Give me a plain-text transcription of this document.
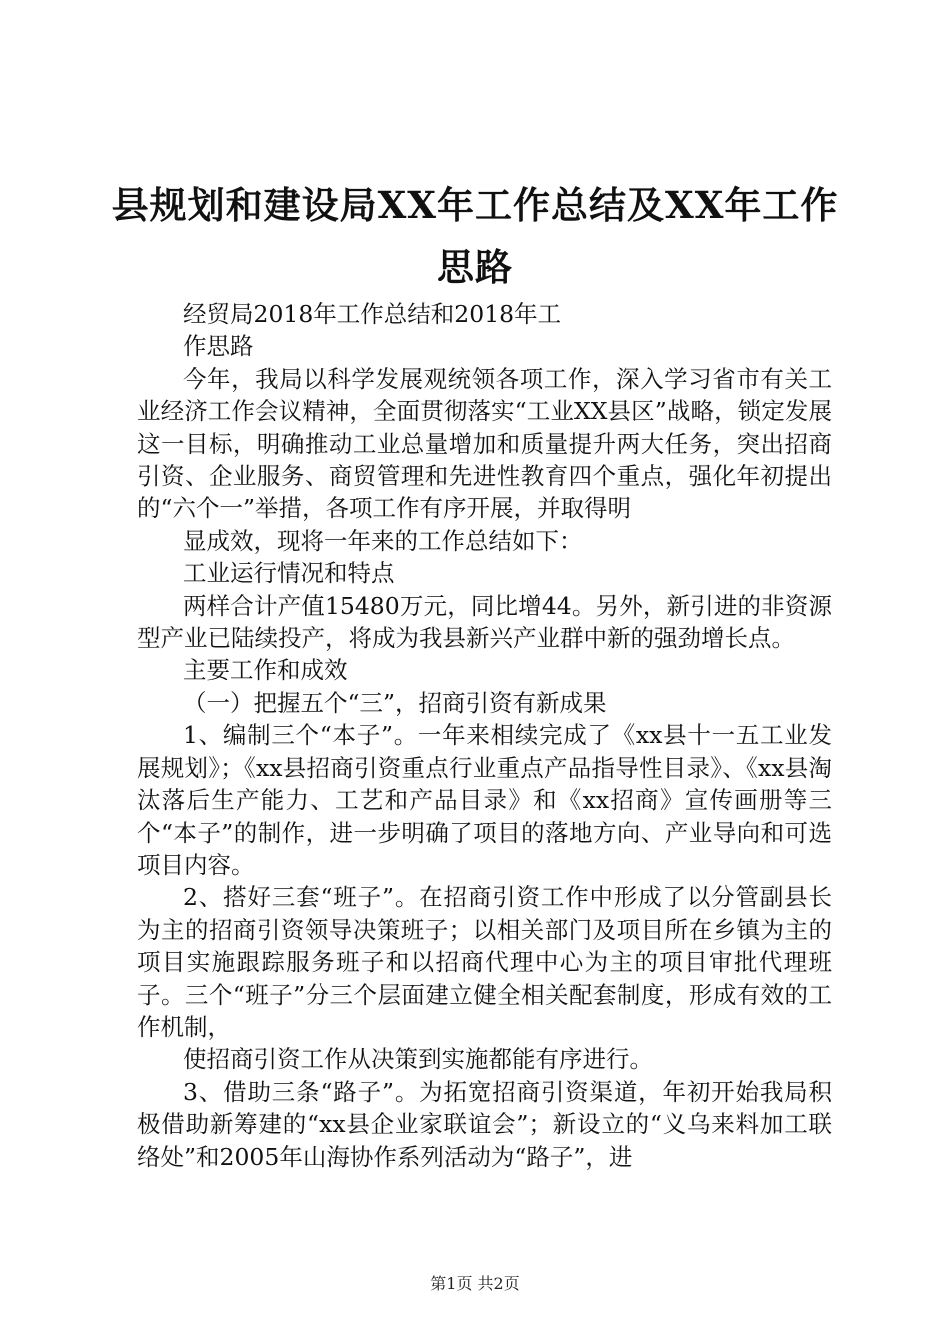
县规划和建设局XX年工作总结及XX年工作思路

经贸局2018年工作总结和2018年工

作思路

今年，我局以科学发展观统领各项工作，深入学习省市有关工业经济工作会议精神，全面贯彻落实“工业XX县区”战略，锁定发展这一目标，明确推动工业总量增加和质量提升两大任务，突出招商引资、企业服务、商贸管理和先进性教育四个重点，强化年初提出的“六个一”举措，各项工作有序开展，并取得明

显成效，现将一年来的工作总结如下：

工业运行情况和特点

两样合计产值15480万元，同比增44。另外，新引进的非资源型产业已陆续投产，将成为我县新兴产业群中新的强劲增长点。

主要工作和成效

（一）把握五个“三”，招商引资有新成果

1、编制三个“本子”。一年来相续完成了《xx县十一五工业发展规划》；《xx县招商引资重点行业重点产品指导性目录》、《xx县淘汰落后生产能力、工艺和产品目录》和《xx招商》宣传画册等三个“本子”的制作，进一步明确了项目的落地方向、产业导向和可选项目内容。

2、搭好三套“班子”。在招商引资工作中形成了以分管副县长为主的招商引资领导决策班子；以相关部门及项目所在乡镇为主的项目实施跟踪服务班子和以招商代理中心为主的项目审批代理班子。三个“班子”分三个层面建立健全相关配套制度，形成有效的工作机制，

使招商引资工作从决策到实施都能有序进行。

3、借助三条“路子”。为拓宽招商引资渠道，年初开始我局积极借助新筹建的“xx县企业家联谊会”；新设立的“义乌来料加工联络处”和2005年山海协作系列活动为“路子”，进

第1页 共2页
